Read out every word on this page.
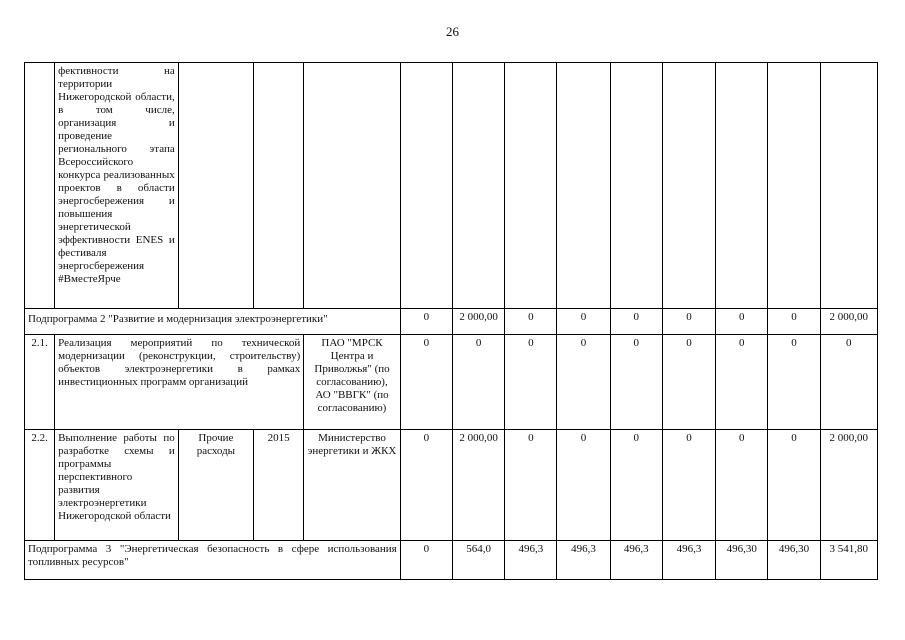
26
	фективности на территории Нижегородской области, в том числе, организация и проведение регионального этапа Всероссийского конкурса реализованных проектов в области энергосбережения и повышения энергетической эффективности ENES и фестиваля энергосбережения #ВместеЯрче												
Подпрограмма 2 "Развитие и модернизация электроэнергетики"					0	2 000,00	0	0	0	0	0	0	2 000,00
2.1.	Реализация мероприятий по технической модернизации (реконструкции, строительству) объектов электроэнергетики в рамках инвестиционных программ организаций			ПАО "МРСК Центра и Приволжья" (по согласованию), АО "ВВГК" (по согласованию)	0	0	0	0	0	0	0	0	0
2.2.	Выполнение работы по разработке схемы и программы перспективного развития электроэнергетики Нижегородской области	Прочие расходы	2015	Министерство энергетики и ЖКХ	0	2 000,00	0	0	0	0	0	0	2 000,00
Подпрограмма 3 "Энергетическая безопасность в сфере использования топливных ресурсов"					0	564,0	496,3	496,3	496,3	496,3	496,30	496,30	3 541,80
